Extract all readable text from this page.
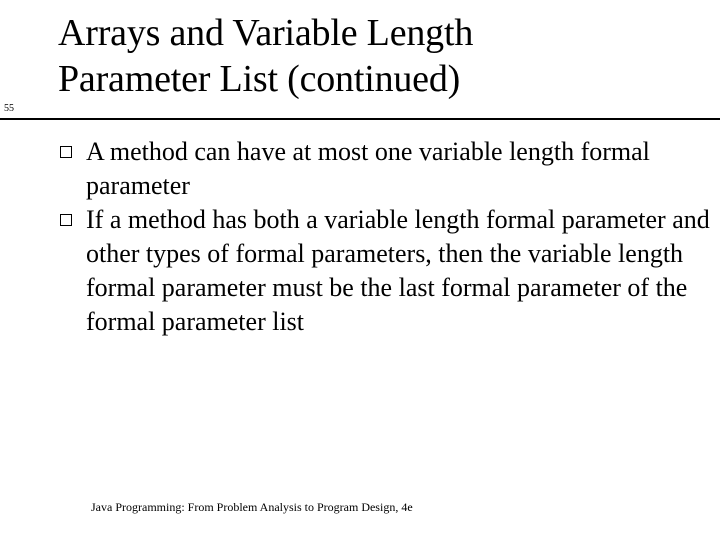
55
Arrays and Variable Length
Parameter List (continued)
A method can have at most one variable length formal parameter
If a method has both a variable length formal parameter and other types of formal parameters, then the variable length formal parameter must be the last formal parameter of the formal parameter list
Java Programming: From Problem Analysis to Program Design, 4e
